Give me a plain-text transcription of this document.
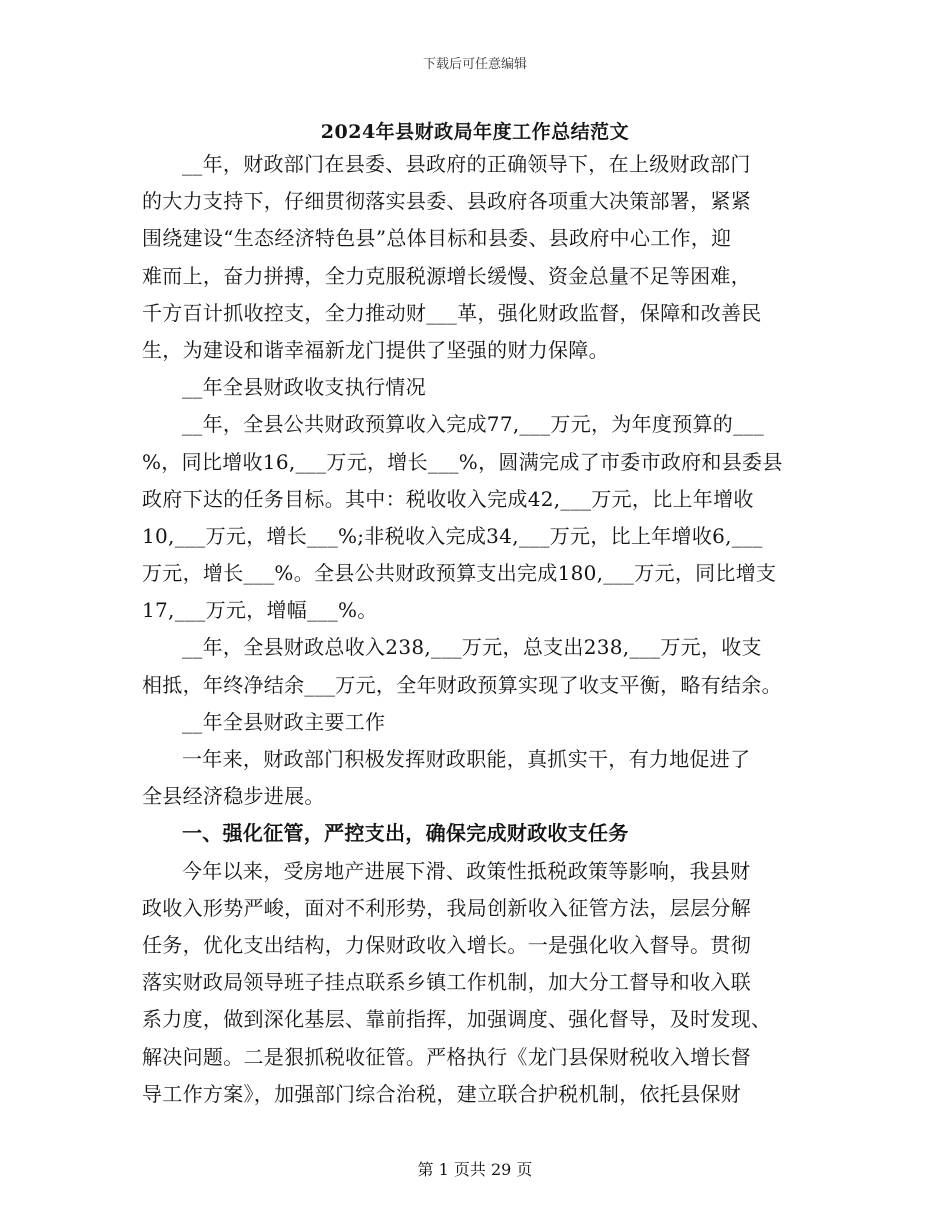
下载后可任意编辑
2024年县财政局年度工作总结范文
__年，财政部门在县委、县政府的正确领导下，在上级财政部门
的大力支持下，仔细贯彻落实县委、县政府各项重大决策部署，紧紧
围绕建设“生态经济特色县”总体目标和县委、县政府中心工作，迎
难而上，奋力拼搏，全力克服税源增长缓慢、资金总量不足等困难，
千方百计抓收控支，全力推动财___革，强化财政监督，保障和改善民
生，为建设和谐幸福新龙门提供了坚强的财力保障。
__年全县财政收支执行情况
__年，全县公共财政预算收入完成77,___万元，为年度预算的___
%，同比增收16,___万元，增长___%，圆满完成了市委市政府和县委县
政府下达的任务目标。其中：税收收入完成42,___万元，比上年增收
10,___万元，增长___%;非税收入完成34,___万元，比上年增收6,___
万元，增长___%。全县公共财政预算支出完成180,___万元，同比增支
17,___万元，增幅___%。
__年，全县财政总收入238,___万元，总支出238,___万元，收支
相抵，年终净结余___万元，全年财政预算实现了收支平衡，略有结余。
__年全县财政主要工作
一年来，财政部门积极发挥财政职能，真抓实干，有力地促进了
全县经济稳步进展。
一、强化征管，严控支出，确保完成财政收支任务
今年以来，受房地产进展下滑、政策性抵税政策等影响，我县财
政收入形势严峻，面对不利形势，我局创新收入征管方法，层层分解
任务，优化支出结构，力保财政收入增长。一是强化收入督导。贯彻
落实财政局领导班子挂点联系乡镇工作机制，加大分工督导和收入联
系力度，做到深化基层、靠前指挥，加强调度、强化督导，及时发现、
解决问题。二是狠抓税收征管。严格执行《龙门县保财税收入增长督
导工作方案》，加强部门综合治税，建立联合护税机制，依托县保财
第 1 页共 29 页
